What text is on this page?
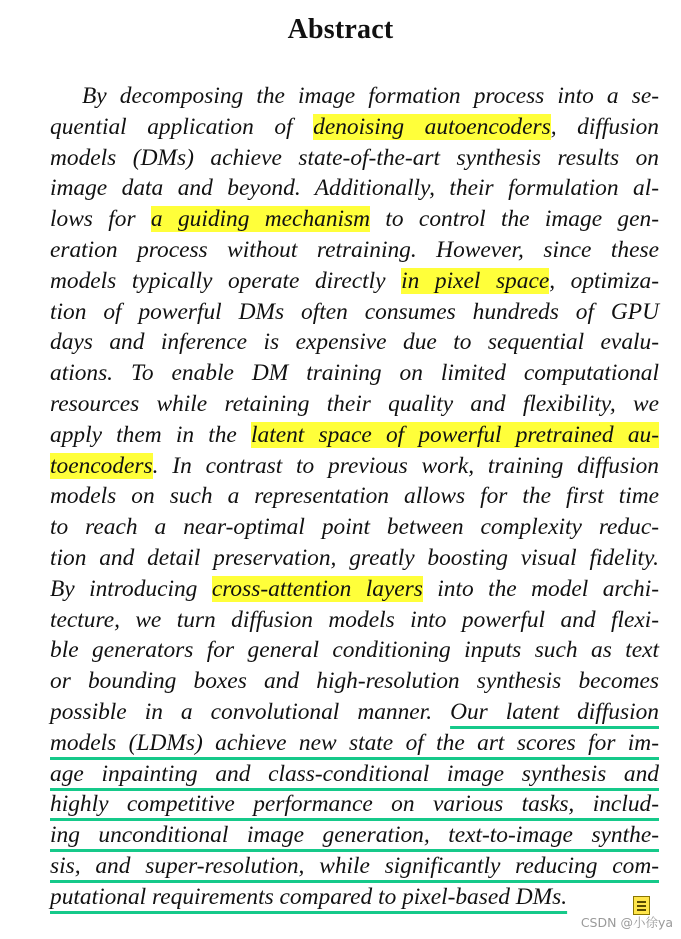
Abstract
By decomposing the image formation process into a se-
quential application of denoising autoencoders, diffusion
models (DMs) achieve state-of-the-art synthesis results on
image data and beyond. Additionally, their formulation al-
lows for a guiding mechanism to control the image gen-
eration process without retraining. However, since these
models typically operate directly in pixel space, optimiza-
tion of powerful DMs often consumes hundreds of GPU
days and inference is expensive due to sequential evalu-
ations. To enable DM training on limited computational
resources while retaining their quality and flexibility, we
apply them in the latent space of powerful pretrained au-
toencoders. In contrast to previous work, training diffusion
models on such a representation allows for the first time
to reach a near-optimal point between complexity reduc-
tion and detail preservation, greatly boosting visual fidelity.
By introducing cross-attention layers into the model archi-
tecture, we turn diffusion models into powerful and flexi-
ble generators for general conditioning inputs such as text
or bounding boxes and high-resolution synthesis becomes
possible in a convolutional manner. Our latent diffusion
models (LDMs) achieve new state of the art scores for im-
age inpainting and class-conditional image synthesis and
highly competitive performance on various tasks, includ-
ing unconditional image generation, text-to-image synthe-
sis, and super-resolution, while significantly reducing com-
putational requirements compared to pixel-based DMs.
CSDN @小徐ya
